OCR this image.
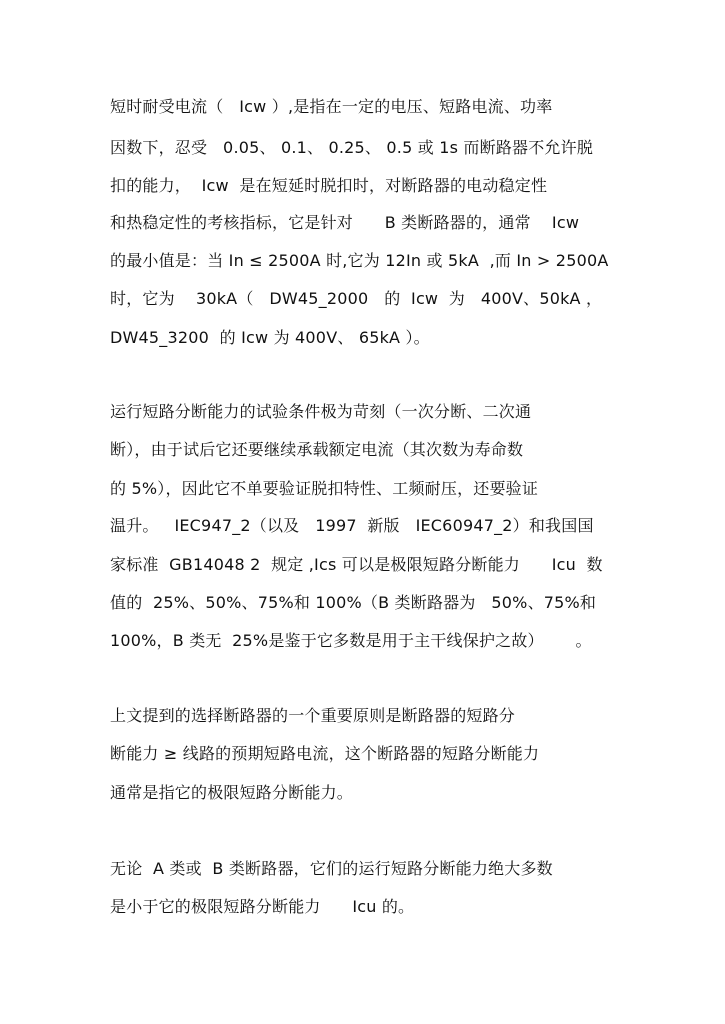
短时耐受电流（   Icw ）,是指在一定的电压、短路电流、功率
因数下，忍受   0.05、 0.1、 0.25、 0.5 或 1s 而断路器不允许脱
扣的能力，  Icw  是在短延时脱扣时，对断路器的电动稳定性
和热稳定性的考核指标，它是针对      B 类断路器的，通常    Icw
的最小值是：当 In ≤ 2500A 时,它为 12In 或 5kA  ,而 In > 2500A
时，它为    30kA（   DW45_2000   的  Icw  为   400V、50kA ，
DW45_3200  的 Icw 为 400V、 65kA ）。
运行短路分断能力的试验条件极为苛刻（一次分断、二次通
断），由于试后它还要继续承载额定电流（其次数为寿命数
的 5%），因此它不单要验证脱扣特性、工频耐压，还要验证
温升。   IEC947_2（以及   1997  新版   IEC60947_2）和我国国
家标准  GB14048 2  规定 ,Ics 可以是极限短路分断能力      Icu  数
值的  25%、50%、75%和 100%（B 类断路器为   50%、75%和
100%，B 类无  25%是鉴于它多数是用于主干线保护之故）      。
上文提到的选择断路器的一个重要原则是断路器的短路分
断能力 ≥ 线路的预期短路电流，这个断路器的短路分断能力
通常是指它的极限短路分断能力。
无论  A 类或  B 类断路器，它们的运行短路分断能力绝大多数
是小于它的极限短路分断能力      Icu 的。
